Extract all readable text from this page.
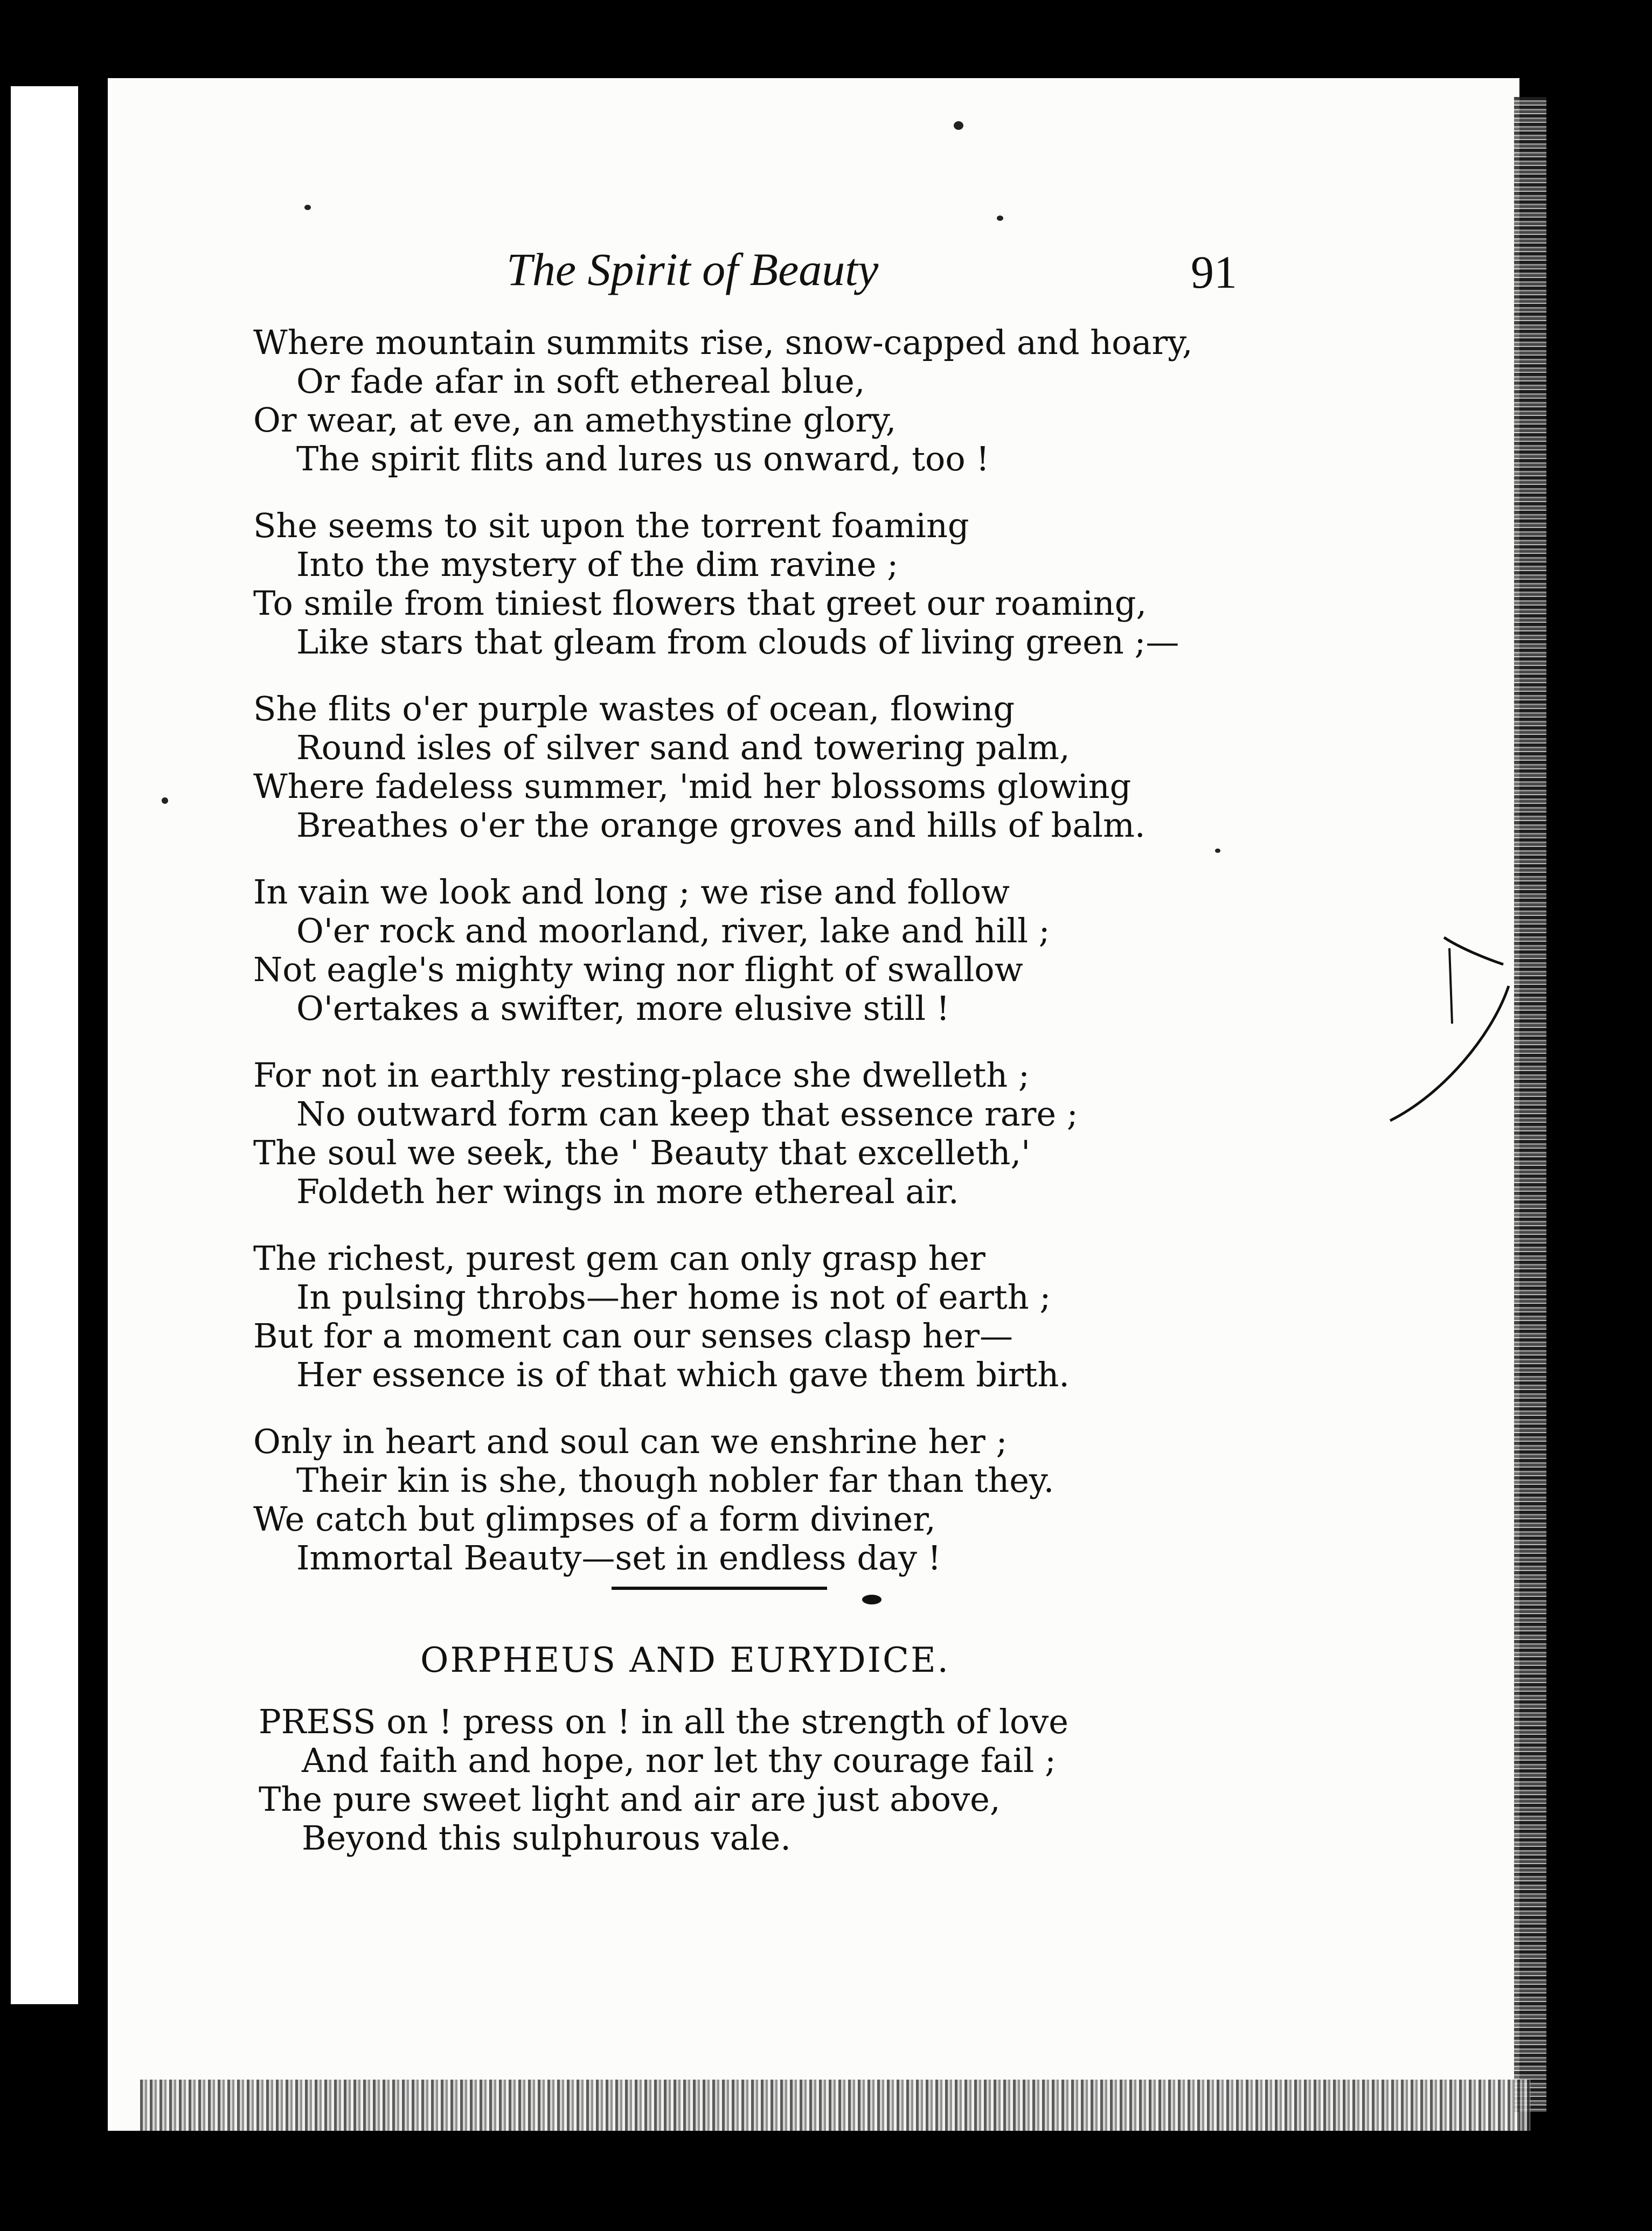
The Spirit of Beauty	91
Where mountain summits rise, snow-capped and hoary,
Or fade afar in soft ethereal blue,
Or wear, at eve, an amethystine glory,
The spirit flits and lures us onward, too !
She seems to sit upon the torrent foaming
Into the mystery of the dim ravine ;
To smile from tiniest flowers that greet our roaming,
Like stars that gleam from clouds of living green ;—
She flits o'er purple wastes of ocean, flowing
Round isles of silver sand and towering palm,
Where fadeless summer, 'mid her blossoms glowing
Breathes o'er the orange groves and hills of balm.
In vain we look and long ; we rise and follow
O'er rock and moorland, river, lake and hill ;
Not eagle's mighty wing nor flight of swallow
O'ertakes a swifter, more elusive still !
For not in earthly resting-place she dwelleth ;
No outward form can keep that essence rare ;
The soul we seek, the ' Beauty that excelleth,'
Foldeth her wings in more ethereal air.
The richest, purest gem can only grasp her
In pulsing throbs—her home is not of earth ;
But for a moment can our senses clasp her—
Her essence is of that which gave them birth.
Only in heart and soul can we enshrine her ;
Their kin is she, though nobler far than they.
We catch but glimpses of a form diviner,
Immortal Beauty—set in endless day !
ORPHEUS AND EURYDICE.
PRESS on ! press on ! in all the strength of love
And faith and hope, nor let thy courage fail ;
The pure sweet light and air are just above,
Beyond this sulphurous vale.
